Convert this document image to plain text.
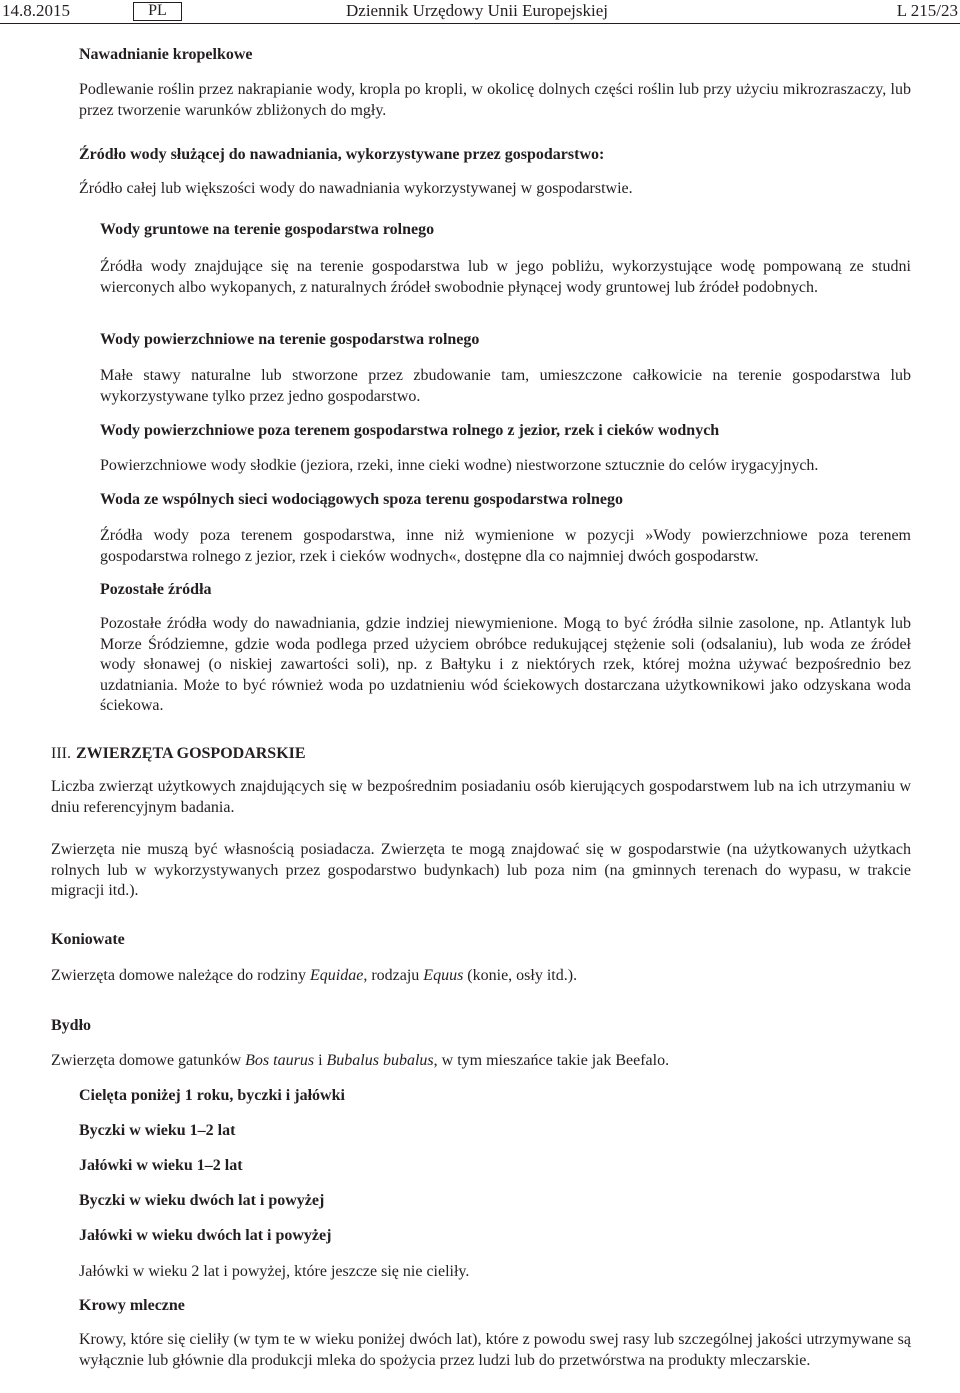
14.8.2015	PL	Dziennik Urzędowy Unii Europejskiej	L 215/23
Nawadnianie kropelkowe

Podlewanie roślin przez nakrapianie wody, kropla po kropli, w okolicę dolnych części roślin lub przy użyciu mikrozraszaczy, lub przez tworzenie warunków zbliżonych do mgły.

Źródło wody służącej do nawadniania, wykorzystywane przez gospodarstwo:

Źródło całej lub większości wody do nawadniania wykorzystywanej w gospodarstwie.

Wody gruntowe na terenie gospodarstwa rolnego

Źródła wody znajdujące się na terenie gospodarstwa lub w jego pobliżu, wykorzystujące wodę pompowaną ze studni wierconych albo wykopanych, z naturalnych źródeł swobodnie płynącej wody gruntowej lub źródeł podobnych.

Wody powierzchniowe na terenie gospodarstwa rolnego

Małe stawy naturalne lub stworzone przez zbudowanie tam, umieszczone całkowicie na terenie gospodarstwa lub wykorzystywane tylko przez jedno gospodarstwo.

Wody powierzchniowe poza terenem gospodarstwa rolnego z jezior, rzek i cieków wodnych

Powierzchniowe wody słodkie (jeziora, rzeki, inne cieki wodne) niestworzone sztucznie do celów irygacyjnych.

Woda ze wspólnych sieci wodociągowych spoza terenu gospodarstwa rolnego

Źródła wody poza terenem gospodarstwa, inne niż wymienione w pozycji »Wody powierzchniowe poza terenem gospodarstwa rolnego z jezior, rzek i cieków wodnych«, dostępne dla co najmniej dwóch gospodarstw.

Pozostałe źródła

Pozostałe źródła wody do nawadniania, gdzie indziej niewymienione. Mogą to być źródła silnie zasolone, np. Atlantyk lub Morze Śródziemne, gdzie woda podlega przed użyciem obróbce redukującej stężenie soli (odsalaniu), lub woda ze źródeł wody słonawej (o niskiej zawartości soli), np. z Bałtyku i z niektórych rzek, której można używać bezpośrednio bez uzdatniania. Może to być również woda po uzdatnieniu wód ściekowych dostarczana użytkownikowi jako odzyskana woda ściekowa.

III. ZWIERZĘTA GOSPODARSKIE

Liczba zwierząt użytkowych znajdujących się w bezpośrednim posiadaniu osób kierujących gospodarstwem lub na ich utrzymaniu w dniu referencyjnym badania.

Zwierzęta nie muszą być własnością posiadacza. Zwierzęta te mogą znajdować się w gospodarstwie (na użytkowanych użytkach rolnych lub w wykorzystywanych przez gospodarstwo budynkach) lub poza nim (na gminnych terenach do wypasu, w trakcie migracji itd.).

Koniowate

Zwierzęta domowe należące do rodziny Equidae, rodzaju Equus (konie, osły itd.).

Bydło

Zwierzęta domowe gatunków Bos taurus i Bubalus bubalus, w tym mieszańce takie jak Beefalo.

Cielęta poniżej 1 roku, byczki i jałówki
Byczki w wieku 1–2 lat
Jałówki w wieku 1–2 lat
Byczki w wieku dwóch lat i powyżej
Jałówki w wieku dwóch lat i powyżej

Jałówki w wieku 2 lat i powyżej, które jeszcze się nie cieliły.

Krowy mleczne

Krowy, które się cieliły (w tym te w wieku poniżej dwóch lat), które z powodu swej rasy lub szczególnej jakości utrzymywane są wyłącznie lub głównie dla produkcji mleka do spożycia przez ludzi lub do przetwórstwa na produkty mleczarskie.
